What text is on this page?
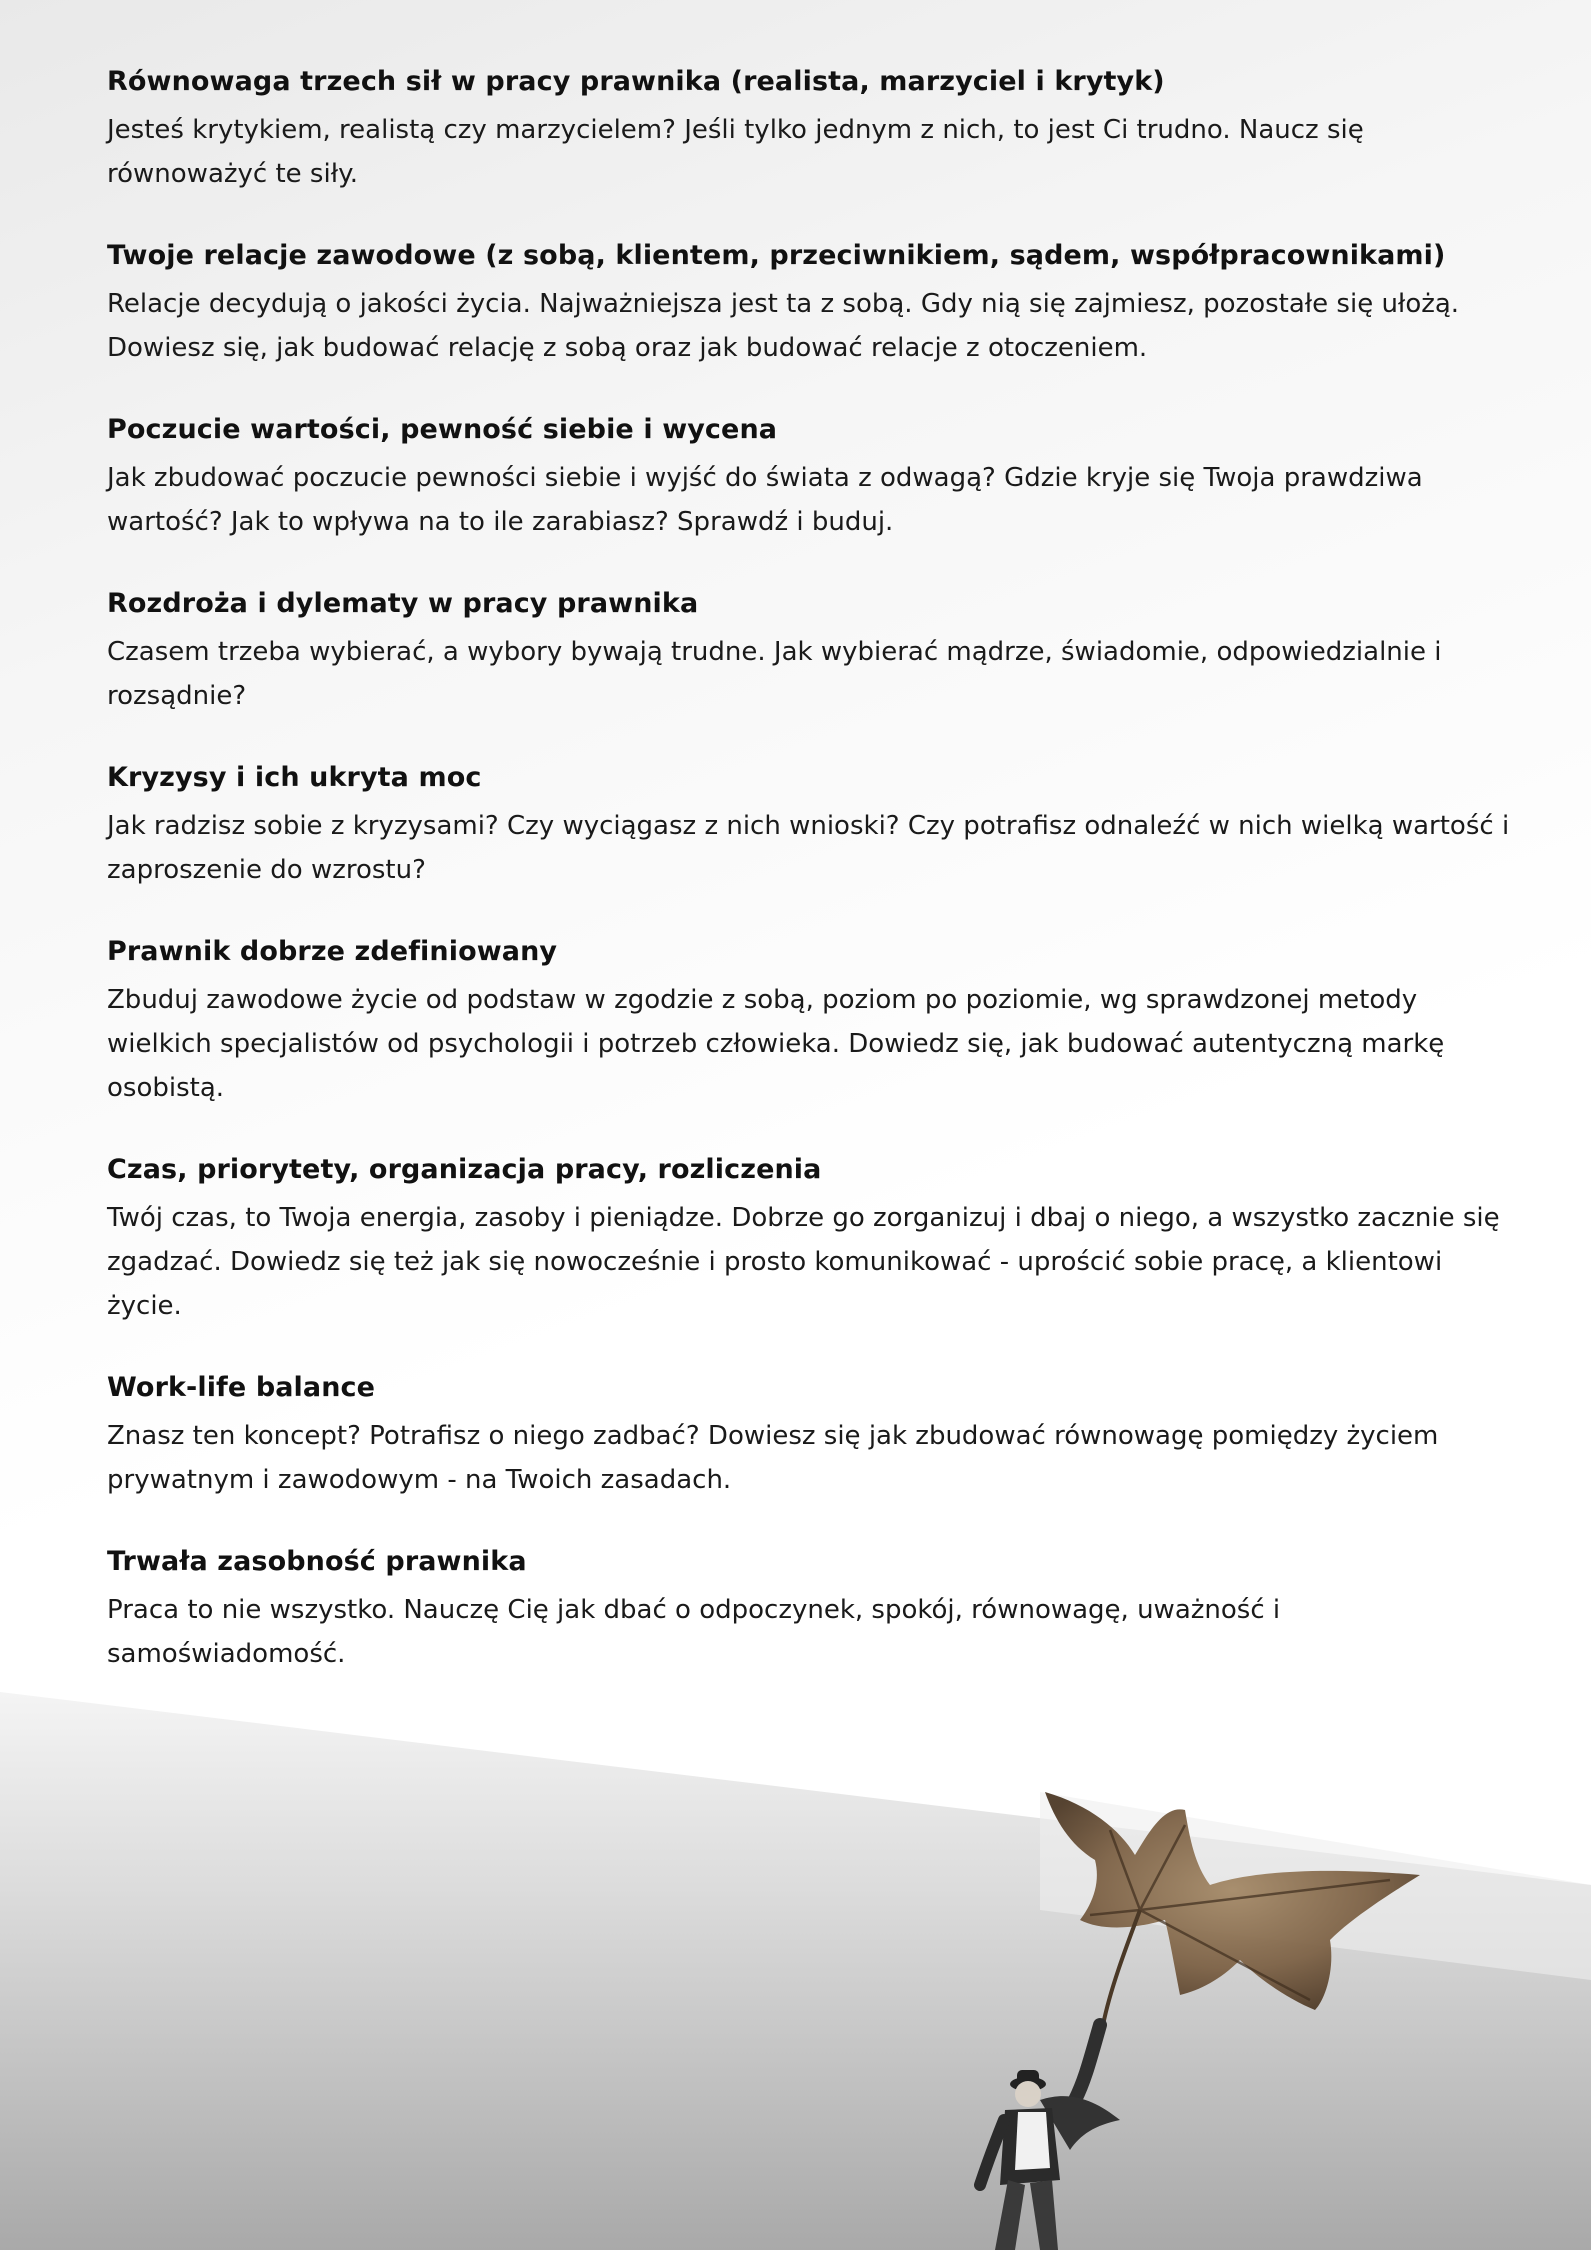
Równowaga trzech sił w pracy prawnika (realista, marzyciel i krytyk)

Jesteś krytykiem, realistą czy marzycielem? Jeśli tylko jednym z nich, to jest Ci trudno. Naucz się równoważyć te siły.

Twoje relacje zawodowe (z sobą, klientem, przeciwnikiem, sądem, współpracownikami)

Relacje decydują o jakości życia. Najważniejsza jest ta z sobą. Gdy nią się zajmiesz, pozostałe się ułożą. Dowiesz się, jak budować relację z sobą oraz jak budować relacje z otoczeniem.

Poczucie wartości, pewność siebie i wycena

Jak zbudować poczucie pewności siebie i wyjść do świata z odwagą? Gdzie kryje się Twoja prawdziwa wartość? Jak to wpływa na to ile zarabiasz? Sprawdź i buduj.

Rozdroża i dylematy w pracy prawnika

Czasem trzeba wybierać, a wybory bywają trudne. Jak wybierać mądrze, świadomie, odpowiedzialnie i rozsądnie?

Kryzysy i ich ukryta moc

Jak radzisz sobie z kryzysami? Czy wyciągasz z nich wnioski? Czy potrafisz odnaleźć w nich wielką wartość i zaproszenie do wzrostu?

Prawnik dobrze zdefiniowany

Zbuduj zawodowe życie od podstaw w zgodzie z sobą, poziom po poziomie, wg sprawdzonej metody wielkich specjalistów od psychologii i potrzeb człowieka. Dowiedz się, jak budować autentyczną markę osobistą.

Czas, priorytety, organizacja pracy, rozliczenia

Twój czas, to Twoja energia, zasoby i pieniądze. Dobrze go zorganizuj i dbaj o niego, a wszystko zacznie się zgadzać. Dowiedz się też jak się nowocześnie i prosto komunikować - uprościć sobie pracę, a klientowi życie.

Work-life balance

Znasz ten koncept? Potrafisz o niego zadbać? Dowiesz się jak zbudować równowagę pomiędzy życiem prywatnym i zawodowym - na Twoich zasadach.

Trwała zasobność prawnika

Praca to nie wszystko. Nauczę Cię jak dbać o odpoczynek, spokój, równowagę, uważność i samoświadomość.
